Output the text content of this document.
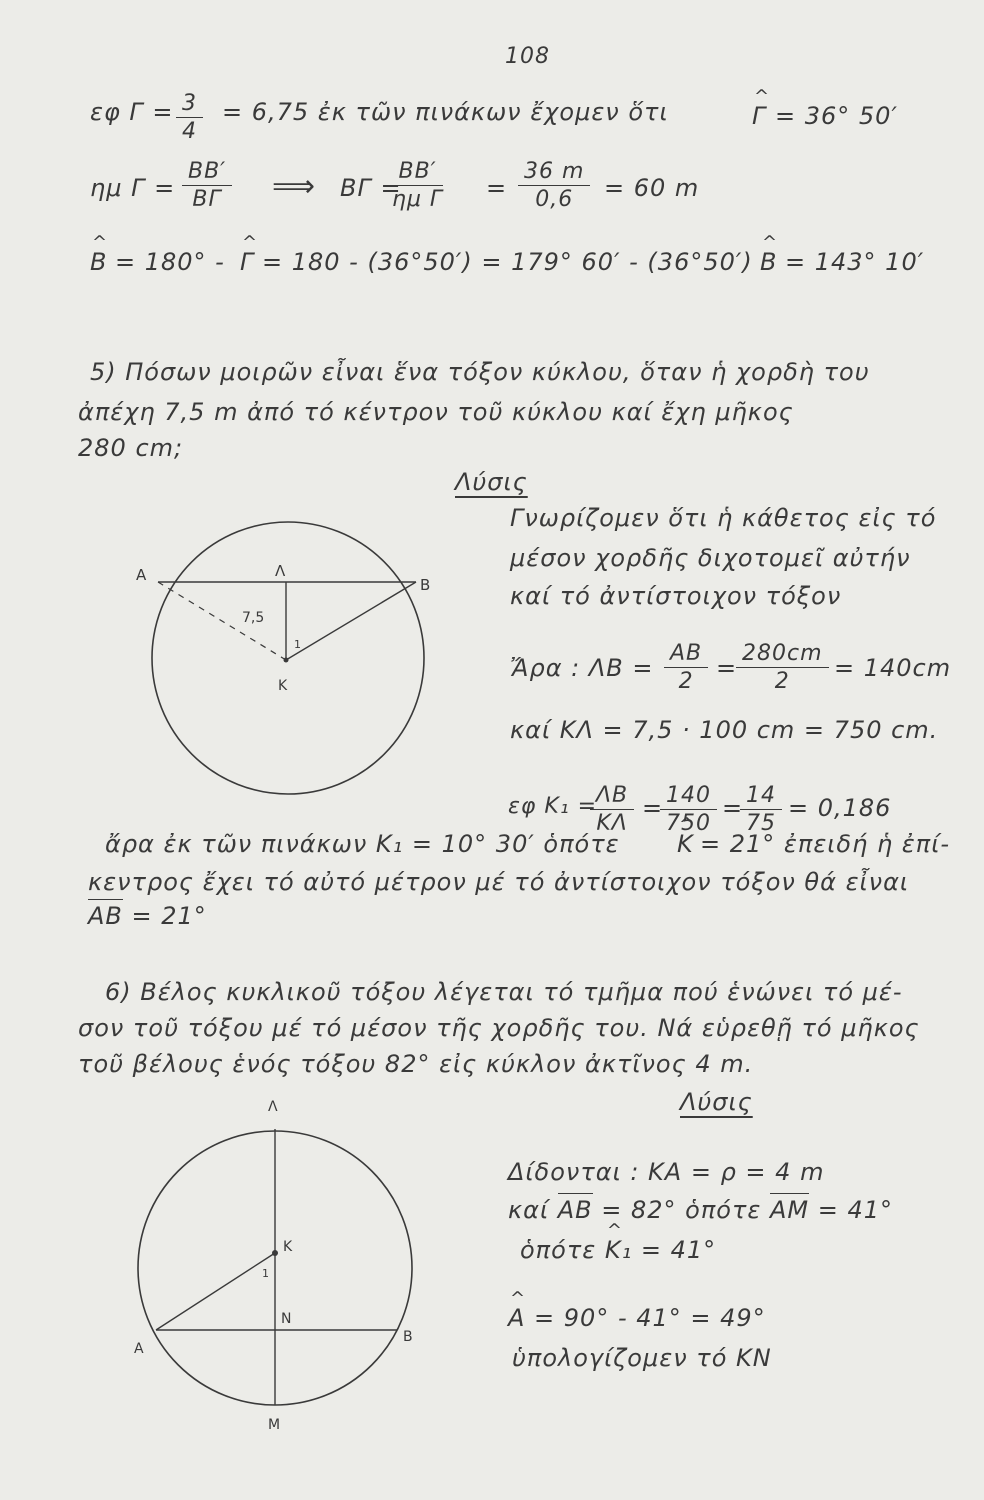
108
εφ $\Gamma = \frac{3}{4} = 6,75$ ἐκ τῶν πινάκων ἔχομεν ὅτι	^ Γ = 36° 50′
ημ $\Gamma = \frac{BB'}{B\Gamma}$ ⟹ ΒΓ =
$\frac{BB'}{\text{ημ Γ}} = \frac{36 m}{0,6} = 60$ m
^ Β = 180° - ^ Γ = 180 - (36°50′) = 179° 60′ - (36°50′) ^ Β = 143° 10′
5) Πόσων μοιρῶν εἶναι ἕνα τόξον κύκλου, ὅταν ἡ χορδὴ του
ἀπέχη 7,5 m ἀπό τό κέντρον τοῦ κύκλου καί ἔχη μῆκος
280 cm;
Λύσις
Α	Λ
Β
Κ
7,5
1
Γνωρίζομεν ὅτι ἡ κάθετος εἰς τό
μέσον χορδῆς διχοτομεῖ αὐτήν
καί τό ἀντίστοιχον τόξον
Ἄρα : $\Lambda B = \frac{AB}{2}$ =
$\frac{280cm}{2} = 140cm$
καί ΚΛ = 7,5 · 100 cm = 750 cm.
εφ Κ₁ =
$\frac{\Lambda B}{K\Lambda}$ =
$\frac{140}{750}$ =
$\frac{14}{75} = 0,186$
ἄρα ἐκ τῶν πινάκων Κ₁ = 10° 30′ ὁπότε ^ Κ = 21° ἐπειδή ἡ ἐπί-
κεντρος ἔχει τό αὐτό μέτρον μέ τό ἀντίστοιχον τόξον θά εἶναι
ΑΒ = 21°
6) Βέλος κυκλικοῦ τόξου λέγεται τό τμῆμα πού ἑνώνει τό μέ-
σον τοῦ τόξου μέ τό μέσον τῆς χορδῆς του. Νά εὑρεθῇ τό μῆκος
τοῦ βέλους ἑνός τόξου 82° εἰς κύκλον ἀκτῖνος 4 m.
Λύσις
Λ
Κ
Ν
Α
Β
Μ
1
Δίδονται : ΚΑ = ρ = 4 m
καί ΑΒ = 82° ὁπότε ΑΜ = 41°
ὁπότε ^ Κ₁ = 41°
^ Α = 90° - 41° = 49°
ὑπολογίζομεν τό ΚΝ
